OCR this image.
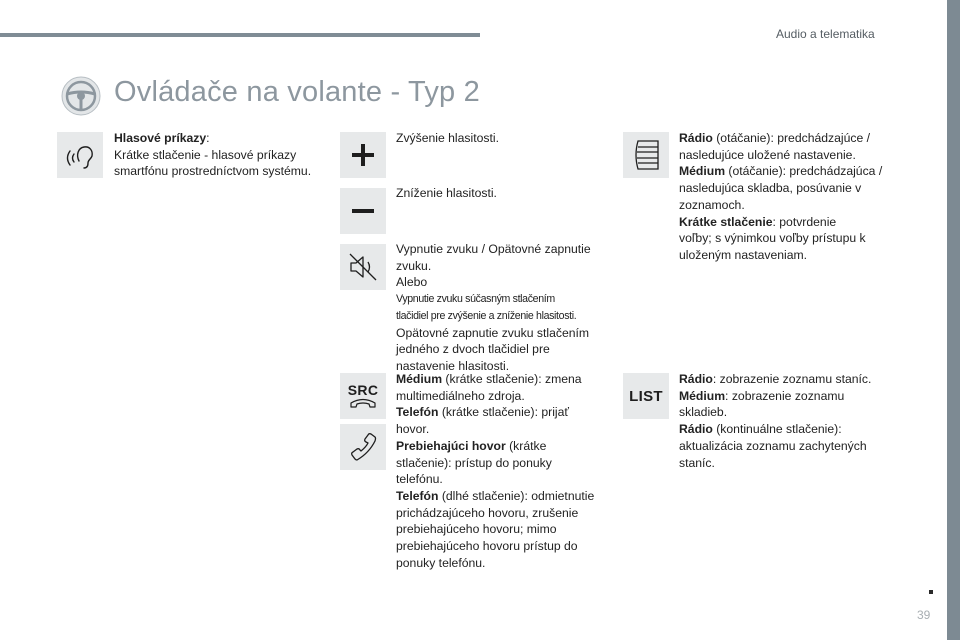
Audio a telematika
Ovládače na volante - Typ 2
Hlasové príkazy:
Krátke stlačenie - hlasové príkazy
smartfónu prostredníctvom systému.
Zvýšenie hlasitosti.
Zníženie hlasitosti.
Vypnutie zvuku / Opätovné zapnutie
zvuku.
Alebo
Vypnutie zvuku súčasným stlačením
tlačidiel pre zvýšenie a zníženie hlasitosti.
Opätovné zapnutie zvuku stlačením
jedného z dvoch tlačidiel pre
nastavenie hlasitosti.
SRC
Médium (krátke stlačenie): zmena
multimediálneho zdroja.
Telefón (krátke stlačenie): prijať
hovor.
Prebiehajúci hovor (krátke
stlačenie): prístup do ponuky
telefónu.
Telefón (dlhé stlačenie): odmietnutie
prichádzajúceho hovoru, zrušenie
prebiehajúceho hovoru; mimo
prebiehajúceho hovoru prístup do
ponuky telefónu.
Rádio (otáčanie): predchádzajúce /
nasledujúce uložené nastavenie.
Médium (otáčanie): predchádzajúca /
nasledujúca skladba, posúvanie v
zoznamoch.
Krátke stlačenie: potvrdenie
voľby; s výnimkou voľby prístupu k
uloženým nastaveniam.
LIST
Rádio: zobrazenie zoznamu staníc.
Médium: zobrazenie zoznamu
skladieb.
Rádio (kontinuálne stlačenie):
aktualizácia zoznamu zachytených
staníc.
39
